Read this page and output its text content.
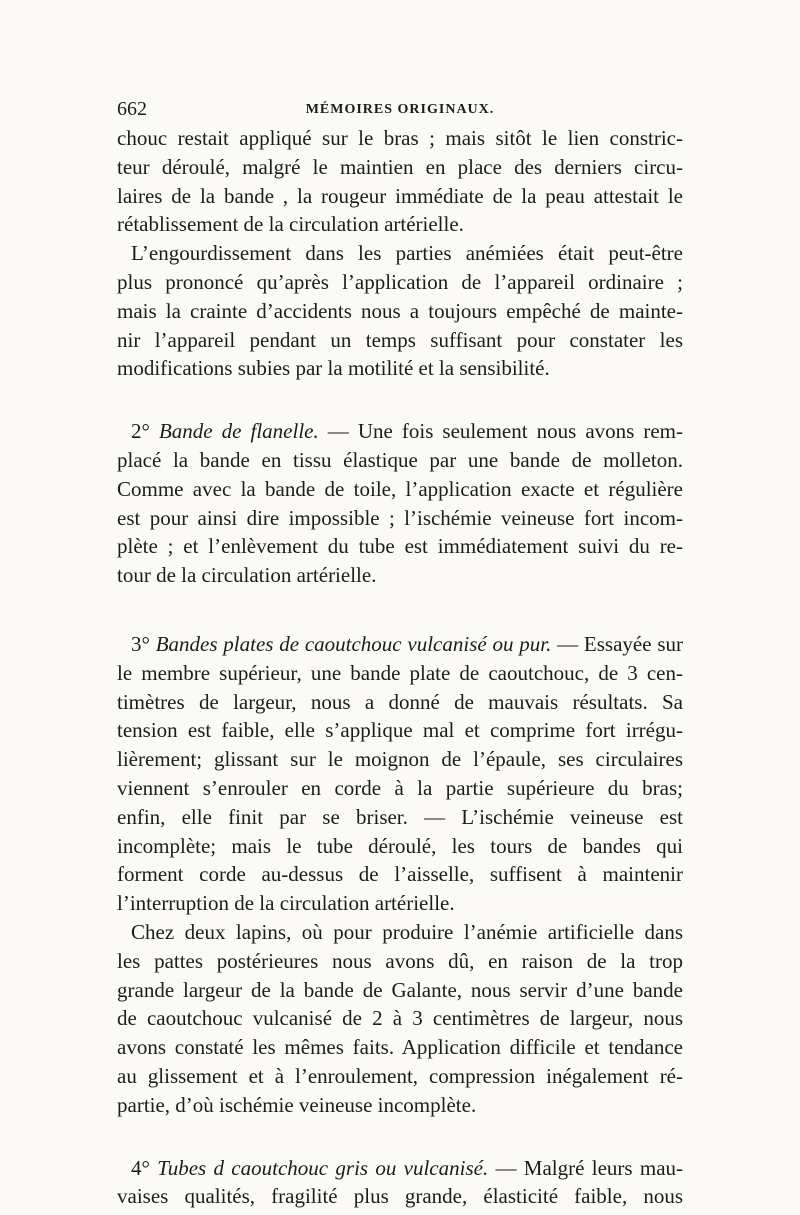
662	MÉMOIRES ORIGINAUX.

chouc restait appliqué sur le bras ; mais sitôt le lien constric-

teur déroulé, malgré le maintien en place des derniers circu-

laires de la bande , la rougeur immédiate de la peau attestait le

rétablissement de la circulation artérielle.

L’engourdissement dans les parties anémiées était peut-être

plus prononcé qu’après l’application de l’appareil ordinaire ;

mais la crainte d’accidents nous a toujours empêché de mainte-

nir l’appareil pendant un temps suffisant pour constater les

modifications subies par la motilité et la sensibilité.

2° Bande de flanelle. — Une fois seulement nous avons rem-

placé la bande en tissu élastique par une bande de molleton.

Comme avec la bande de toile, l’application exacte et régulière

est pour ainsi dire impossible ; l’ischémie veineuse fort incom-

plète ; et l’enlèvement du tube est immédiatement suivi du re-

tour de la circulation artérielle.

3° Bandes plates de caoutchouc vulcanisé ou pur. — Essayée sur

le membre supérieur, une bande plate de caoutchouc, de 3 cen-

timètres de largeur, nous a donné de mauvais résultats. Sa

tension est faible, elle s’applique mal et comprime fort irrégu-

lièrement; glissant sur le moignon de l’épaule, ses circulaires

viennent s’enrouler en corde à la partie supérieure du bras;

enfin, elle finit par se briser. — L’ischémie veineuse est

incomplète; mais le tube déroulé, les tours de bandes qui

forment corde au-dessus de l’aisselle, suffisent à maintenir

l’interruption de la circulation artérielle.

Chez deux lapins, où pour produire l’anémie artificielle dans

les pattes postérieures nous avons dû, en raison de la trop

grande largeur de la bande de Galante, nous servir d’une bande

de caoutchouc vulcanisé de 2 à 3 centimètres de largeur, nous

avons constaté les mêmes faits. Application difficile et tendance

au glissement et à l’enroulement, compression inégalement ré-

partie, d’où ischémie veineuse incomplète.

4° Tubes d caoutchouc gris ou vulcanisé. — Malgré leurs mau-

vaises qualités, fragilité plus grande, élasticité faible, nous
